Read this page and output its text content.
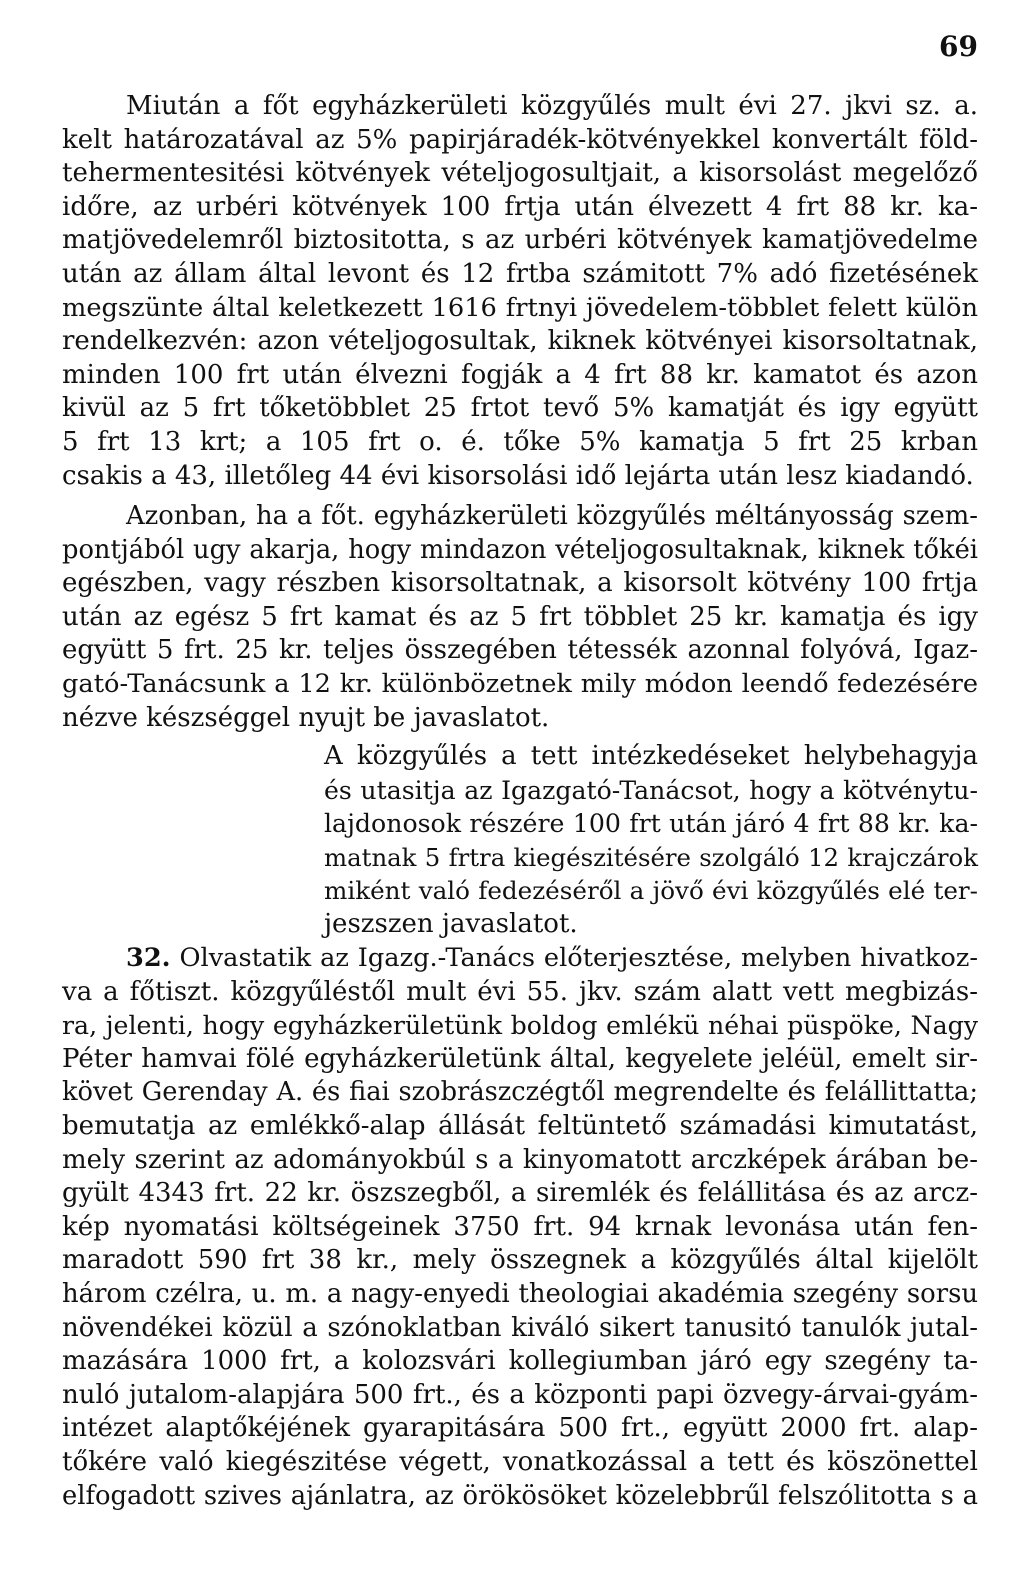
69
Miután a főt egyházkerületi közgyűlés mult évi 27. jkvi sz. a.
kelt határozatával az 5% papirjáradék-kötvényekkel konvertált föld-
tehermentesitési kötvények vételjogosultjait, a kisorsolást megelőző
időre, az urbéri kötvények 100 frtja után élvezett 4 frt 88 kr. ka-
matjövedelemről biztositotta, s az urbéri kötvények kamatjövedelme
után az állam által levont és 12 frtba számitott 7% adó fizetésének
megszünte által keletkezett 1616 frtnyi jövedelem-többlet felett külön
rendelkezvén: azon vételjogosultak, kiknek kötvényei kisorsoltatnak,
minden 100 frt után élvezni fogják a 4 frt 88 kr. kamatot és azon
kivül az 5 frt tőketöbblet 25 frtot tevő 5% kamatját és igy együtt
5 frt 13 krt; a 105 frt o. é. tőke 5% kamatja 5 frt 25 krban
csakis a 43, illetőleg 44 évi kisorsolási idő lejárta után lesz kiadandó.
Azonban, ha a főt. egyházkerületi közgyűlés méltányosság szem-
pontjából ugy akarja, hogy mindazon vételjogosultaknak, kiknek tőkéi
egészben, vagy részben kisorsoltatnak, a kisorsolt kötvény 100 frtja
után az egész 5 frt kamat és az 5 frt többlet 25 kr. kamatja és igy
együtt 5 frt. 25 kr. teljes összegében tétessék azonnal folyóvá, Igaz-
gató-Tanácsunk a 12 kr. különbözetnek mily módon leendő fedezésére
nézve készséggel nyujt be javaslatot.
A közgyűlés a tett intézkedéseket helybehagyja
és utasitja az Igazgató-Tanácsot, hogy a kötvénytu-
lajdonosok részére 100 frt után járó 4 frt 88 kr. ka-
matnak 5 frtra kiegészitésére szolgáló 12 krajczárok
miként való fedezéséről a jövő évi közgyűlés elé ter-
jeszszen javaslatot.
32. Olvastatik az Igazg.-Tanács előterjesztése, melyben hivatkoz-
va a főtiszt. közgyűléstől mult évi 55. jkv. szám alatt vett megbizás-
ra, jelenti, hogy egyházkerületünk boldog emlékü néhai püspöke, Nagy
Péter hamvai fölé egyházkerületünk által, kegyelete jeléül, emelt sir-
követ Gerenday A. és fiai szobrászczégtől megrendelte és felállittatta;
bemutatja az emlékkő-alap állását feltüntető számadási kimutatást,
mely szerint az adományokbúl s a kinyomatott arczképek árában be-
gyült 4343 frt. 22 kr. öszszegből, a siremlék és felállitása és az arcz-
kép nyomatási költségeinek 3750 frt. 94 krnak levonása után fen-
maradott 590 frt 38 kr., mely összegnek a közgyűlés által kijelölt
három czélra, u. m. a nagy-enyedi theologiai akadémia szegény sorsu
növendékei közül a szónoklatban kiváló sikert tanusitó tanulók jutal-
mazására 1000 frt, a kolozsvári kollegiumban járó egy szegény ta-
nuló jutalom-alapjára 500 frt., és a központi papi özvegy-árvai-gyám-
intézet alaptőkéjének gyarapitására 500 frt., együtt 2000 frt. alap-
tőkére való kiegészitése végett, vonatkozással a tett és köszönettel
elfogadott szives ajánlatra, az örökösöket közelebbrűl felszólitotta s a
